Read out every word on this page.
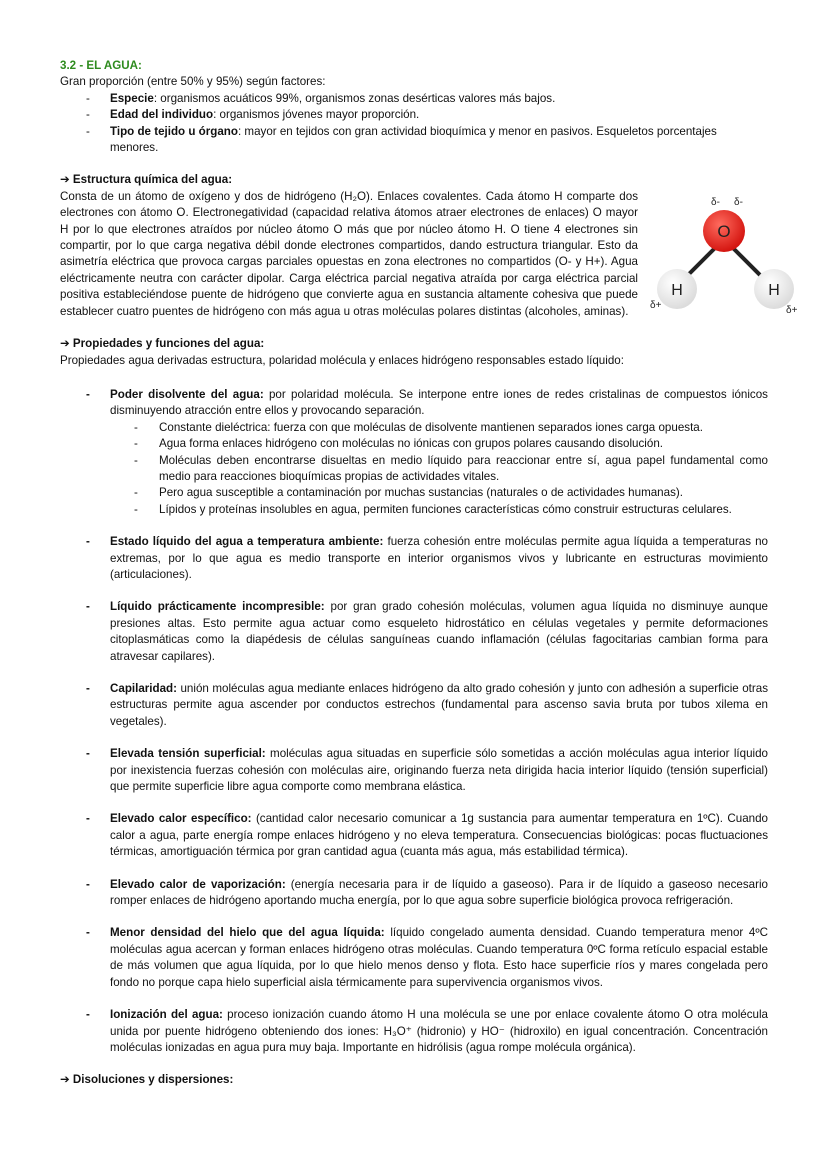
3.2 - EL AGUA:

Gran proporción (entre 50% y 95%) según factores:

- Especie: organismos acuáticos 99%, organismos zonas desérticas valores más bajos.
- Edad del individuo: organismos jóvenes mayor proporción.
- Tipo de tejido u órgano: mayor en tejidos con gran actividad bioquímica y menor en pasivos. Esqueletos porcentajes menores.

➔ Estructura química del agua:

Consta de un átomo de oxígeno y dos de hidrógeno (H₂O). Enlaces covalentes. Cada átomo H comparte dos electrones con átomo O. Electronegatividad (capacidad relativa átomos atraer electrones de enlaces) O mayor H por lo que electrones atraídos por núcleo átomo O más que por núcleo átomo H. O tiene 4 electrones sin compartir, por lo que carga negativa débil donde electrones compartidos, dando estructura triangular. Esto da asimetría eléctrica que provoca cargas parciales opuestas en zona electrones no compartidos (O- y H+). Agua eléctricamente neutra con carácter dipolar. Carga eléctrica parcial negativa atraída por carga eléctrica parcial positiva estableciéndose puente de hidrógeno que convierte agua en sustancia altamente cohesiva que puede establecer cuatro puentes de hidrógeno con más agua u otras moléculas polares distintas (alcoholes, aminas).

O
H	H
δ- δ-
δ+	δ+

➔ Propiedades y funciones del agua:

Propiedades agua derivadas estructura, polaridad molécula y enlaces hidrógeno responsables estado líquido:

- Poder disolvente del agua: por polaridad molécula. Se interpone entre iones de redes cristalinas de compuestos iónicos disminuyendo atracción entre ellos y provocando separación.
- Constante dieléctrica: fuerza con que moléculas de disolvente mantienen separados iones carga opuesta.
- Agua forma enlaces hidrógeno con moléculas no iónicas con grupos polares causando disolución.
- Moléculas deben encontrarse disueltas en medio líquido para reaccionar entre sí, agua papel fundamental como medio para reacciones bioquímicas propias de actividades vitales.
- Pero agua susceptible a contaminación por muchas sustancias (naturales o de actividades humanas).
- Lípidos y proteínas insolubles en agua, permiten funciones características cómo construir estructuras celulares.
- Estado líquido del agua a temperatura ambiente: fuerza cohesión entre moléculas permite agua líquida a temperaturas no extremas, por lo que agua es medio transporte en interior organismos vivos y lubricante en estructuras movimiento (articulaciones).
- Líquido prácticamente incompresible: por gran grado cohesión moléculas, volumen agua líquida no disminuye aunque presiones altas. Esto permite agua actuar como esqueleto hidrostático en células vegetales y permite deformaciones citoplasmáticas como la diapédesis de células sanguíneas cuando inflamación (células fagocitarias cambian forma para atravesar capilares).
- Capilaridad: unión moléculas agua mediante enlaces hidrógeno da alto grado cohesión y junto con adhesión a superficie otras estructuras permite agua ascender por conductos estrechos (fundamental para ascenso savia bruta por tubos xilema en vegetales).
- Elevada tensión superficial: moléculas agua situadas en superficie sólo sometidas a acción moléculas agua interior líquido por inexistencia fuerzas cohesión con moléculas aire, originando fuerza neta dirigida hacia interior líquido (tensión superficial) que permite superficie libre agua comporte como membrana elástica.
- Elevado calor específico: (cantidad calor necesario comunicar a 1g sustancia para aumentar temperatura en 1ºC). Cuando calor a agua, parte energía rompe enlaces hidrógeno y no eleva temperatura. Consecuencias biológicas: pocas fluctuaciones térmicas, amortiguación térmica por gran cantidad agua (cuanta más agua, más estabilidad térmica).
- Elevado calor de vaporización: (energía necesaria para ir de líquido a gaseoso). Para ir de líquido a gaseoso necesario romper enlaces de hidrógeno aportando mucha energía, por lo que agua sobre superficie biológica provoca refrigeración.
- Menor densidad del hielo que del agua líquida: líquido congelado aumenta densidad. Cuando temperatura menor 4ºC moléculas agua acercan y forman enlaces hidrógeno otras moléculas. Cuando temperatura 0ºC forma retículo espacial estable de más volumen que agua líquida, por lo que hielo menos denso y flota. Esto hace superficie ríos y mares congelada pero fondo no porque capa hielo superficial aisla térmicamente para supervivencia organismos vivos.
- Ionización del agua: proceso ionización cuando átomo H una molécula se une por enlace covalente átomo O otra molécula unida por puente hidrógeno obteniendo dos iones: H₃O⁺ (hidronio) y HO⁻ (hidroxilo) en igual concentración. Concentración moléculas ionizadas en agua pura muy baja. Importante en hidrólisis (agua rompe molécula orgánica).

➔ Disoluciones y dispersiones:
